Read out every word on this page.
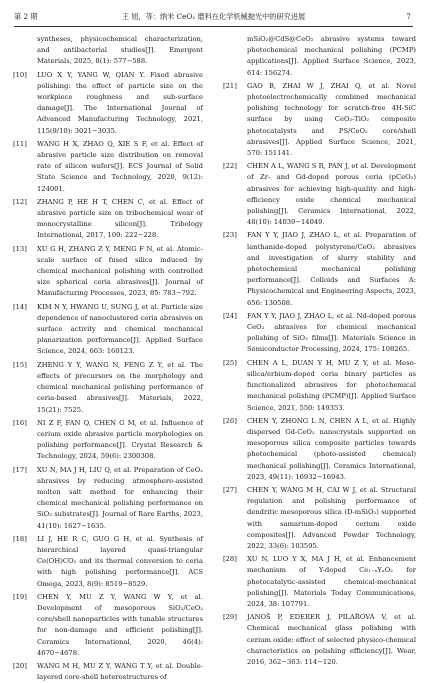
第 2 期	王 旭，等：纳米 CeO₂ 磨料在化学机械抛光中的研究进展	7
syntheses, physicochemical characterization, and antibacterial studies[J]. Emergent Materials, 2025, 8(1): 577−588.
[10]	LUO X Y, YANG W, QIAN Y. Fixed abrasive polishing: the effect of particle size on the workpiece roughness and sub-surface damage[J]. The International Journal of Advanced Manufacturing Technology, 2021, 115(9/10): 3021−3035.
[11]	WANG H X, ZHAO Q, XIE S F, et al. Effect of abrasive particle size distribution on removal rate of silicon wafers[J]. ECS Journal of Solid State Science and Technology, 2020, 9(12): 124001.
[12]	ZHANG P, HE H T, CHEN C, et al. Effect of abrasive particle size on tribochemical wear of monocrystalline silicon[J]. Tribology International, 2017, 109: 222−228.
[13]	XU G H, ZHANG Z Y, MENG F N, et al. Atomic-scale surface of fused silica induced by chemical mechanical polishing with controlled size spherical ceria abrasives[J]. Journal of Manufacturing Processes, 2023, 85: 783−792.
[14]	KIM N Y, HWANG U, SUNG J, et al. Particle size dependence of nanoclustered ceria abrasives on surface activity and chemical mechanical planarization performance[J]. Applied Surface Science, 2024, 663: 160123.
[15]	ZHENG Y Y, WANG N, FENG Z Y, et al. The effects of precursors on the morphology and chemical mechanical polishing performance of ceria-based abrasives[J]. Materials, 2022, 15(21): 7525.
[16]	NI Z F, FAN Q, CHEN G M, et al. Influence of cerium oxide abrasive particle morphologies on polishing performance[J]. Crystal Research & Technology, 2024, 59(6): 2300308.
[17]	XU N, MA J H, LIU Q, et al. Preparation of CeO₂ abrasives by reducing atmosphere-assisted molten salt method for enhancing their chemical mechanical polishing performance on SiO₂ substrates[J]. Journal of Rare Earths, 2023, 41(10): 1627−1635.
[18]	LI J, HE R C, GUO G H, et al. Synthesis of hierarchical layered quasi-triangular Ce(OH)CO₃ and its thermal conversion to ceria with high polishing performance[J]. ACS Omega, 2023, 8(9): 8519−8529.
[19]	CHEN Y, MU Z Y, WANG W Y, et al. Development of mesoporous SiO₂/CeO₂ core/shell nanoparticles with tunable structures for non-damage and efficient polishing[J]. Ceramics International, 2020, 46(4): 4670−4678.
[20]	WANG M H, MU Z Y, WANG T Y, et al. Double-layered core-shell heterostructures of
mSiO₂@CdS@CeO₂ abrasive systems toward photochemical mechanical polishing (PCMP) applications[J]. Applied Surface Science, 2023, 614: 156274.
[21]	GAO B, ZHAI W J, ZHAI Q, et al. Novel photoelectrochemically combined mechanical polishing technology for scratch-free 4H-SiC surface by using CeO₂-TiO₂ composite photocatalysts and PS/CeO₂ core/shell abrasives[J]. Applied Surface Science, 2021, 570: 151141.
[22]	CHEN A L, WANG S R, PAN J, et al. Development of Zr- and Gd-doped porous ceria (pCeO₂) abrasives for achieving high-quality and high-efficiency oxide chemical mechanical polishing[J]. Ceramics International, 2022, 48(10): 14039−14049.
[23]	FAN Y Y, JIAO J, ZHAO L, et al. Preparation of lanthanide-doped polystyrene/CeO₂ abrasives and investigation of slurry stability and photochemical mechanical polishing performance[J]. Colloids and Surfaces A: Physicochemical and Engineering Aspects, 2023, 656: 130508.
[24]	FAN Y Y, JIAO J, ZHAO L, et al. Nd-doped porous CeO₂ abrasives for chemical mechanical polishing of SiO₂ films[J]. Materials Science in Semiconductor Processing, 2024, 175: 108265.
[25]	CHEN A L, DUAN Y H, MU Z Y, et al. Meso-silica/erbium-doped ceria binary particles as functionalized abrasives for photochemical mechanical polishing (PCMP)[J]. Applied Surface Science, 2021, 550: 149353.
[26]	CHEN Y, ZHONG L N, CHEN A L, et al. Highly dispersed Gd-CeO₂ nanocrystals supported on mesoporous silica composite particles towards photochemical (photo-assisted chemical) mechanical polishing[J]. Ceramics International, 2023, 49(11): 16932−16943.
[27]	CHEN Y, WANG M H, CAI W J, et al. Structural regulation and polishing performance of dendritic mesoporous silica (D-mSiO₂) supported with samarium-doped cerium oxide composites[J]. Advanced Powder Technology, 2022, 33(6): 103595.
[28]	XU N, LUO Y X, MA J H, et al. Enhancement mechanism of Y-doped Ce₁₋ₓYₓO₂ for photocatalytic-assisted chemical-mechanical polishing[J]. Materials Today Communications, 2024, 38: 107791.
[29]	JANOŠ P, EDERER J, PILAŘOVÁ V, et al. Chemical mechanical glass polishing with cerium oxide: effect of selected physico-chemical characteristics on polishing efficiency[J]. Wear, 2016, 362−363: 114−120.
